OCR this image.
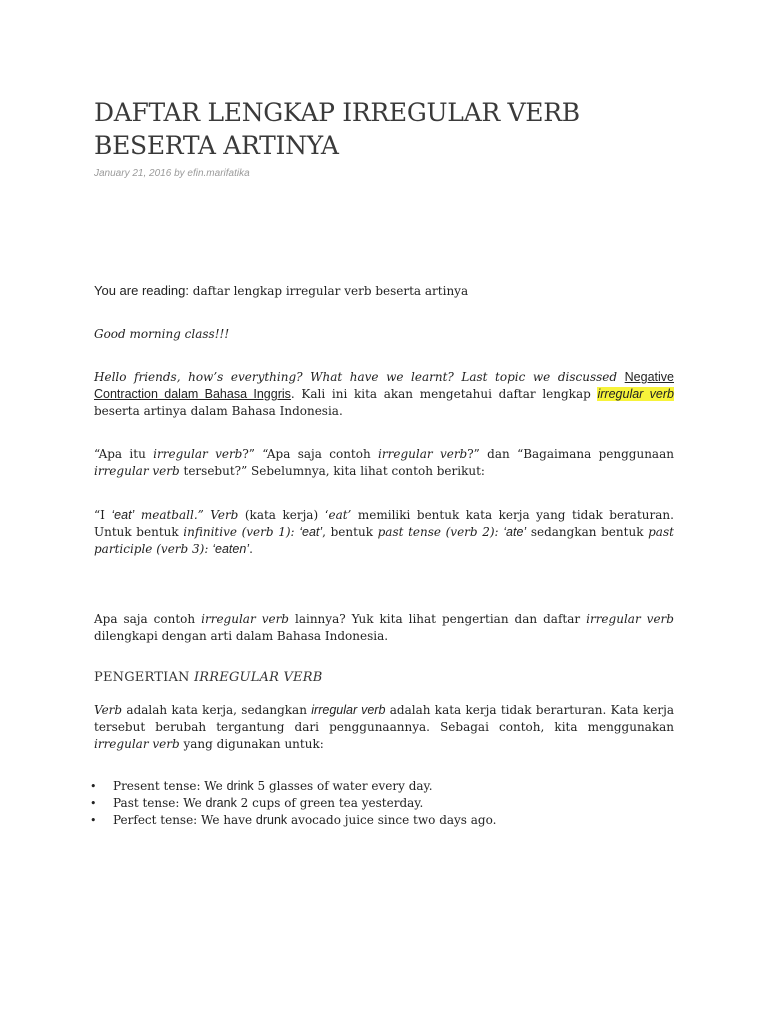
DAFTAR LENGKAP IRREGULAR VERB BESERTA ARTINYA
January 21, 2016 by efin.marifatika

You are reading: daftar lengkap irregular verb beserta artinya

Good morning class!!!

Hello friends, how’s everything? What have we learnt? Last topic we discussed Negative Contraction dalam Bahasa Inggris. Kali ini kita akan mengetahui daftar lengkap irregular verb beserta artinya dalam Bahasa Indonesia.

“Apa itu irregular verb?” “Apa saja contoh irregular verb?” dan “Bagaimana penggunaan irregular verb tersebut?” Sebelumnya, kita lihat contoh berikut:

“I ‘eat’ meatball.” Verb (kata kerja) ‘eat’ memiliki bentuk kata kerja yang tidak beraturan. Untuk bentuk infinitive (verb 1): ‘eat’, bentuk past tense (verb 2): ‘ate’ sedangkan bentuk past participle (verb 3): ‘eaten’.

Apa saja contoh irregular verb lainnya? Yuk kita lihat pengertian dan daftar irregular verb dilengkapi dengan arti dalam Bahasa Indonesia.

PENGERTIAN IRREGULAR VERB

Verb adalah kata kerja, sedangkan irregular verb adalah kata kerja tidak berarturan. Kata kerja tersebut berubah tergantung dari penggunaannya. Sebagai contoh, kita menggunakan irregular verb yang digunakan untuk:

• Present tense: We drink 5 glasses of water every day.
• Past tense: We drank 2 cups of green tea yesterday.
• Perfect tense: We have drunk avocado juice since two days ago.
